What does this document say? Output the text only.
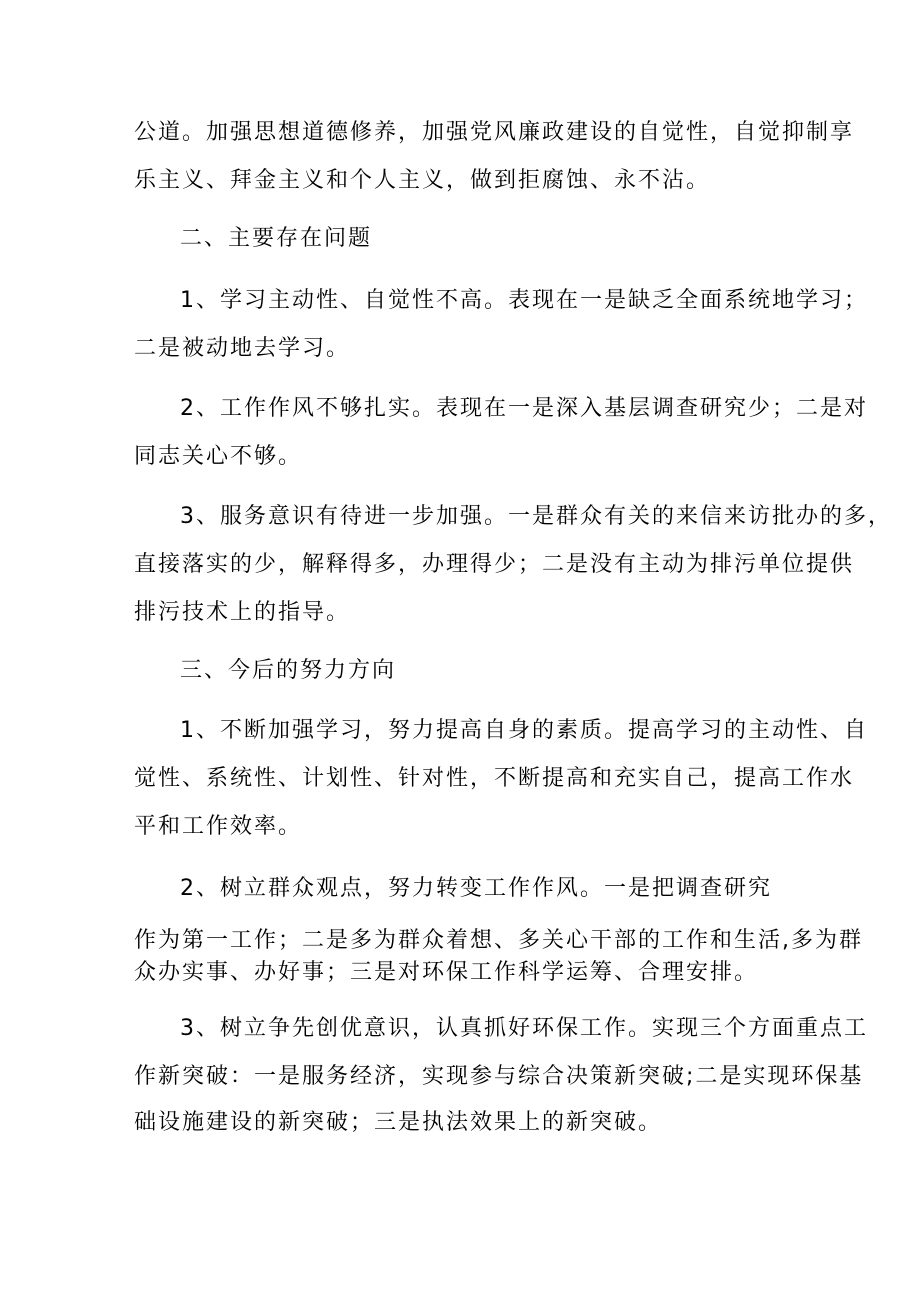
公道。加强思想道德修养，加强党风廉政建设的自觉性，自觉抑制享

乐主义、拜金主义和个人主义，做到拒腐蚀、永不沾。

二、主要存在问题

1、学习主动性、自觉性不高。表现在一是缺乏全面系统地学习；

二是被动地去学习。

2、工作作风不够扎实。表现在一是深入基层调查研究少；二是对

同志关心不够。

3、服务意识有待进一步加强。一是群众有关的来信来访批办的多，

直接落实的少，解释得多，办理得少；二是没有主动为排污单位提供

排污技术上的指导。

三、今后的努力方向

1、不断加强学习，努力提高自身的素质。提高学习的主动性、自

觉性、系统性、计划性、针对性，不断提高和充实自己，提高工作水

平和工作效率。

2、树立群众观点，努力转变工作作风。一是把调查研究

作为第一工作；二是多为群众着想、多关心干部的工作和生活,多为群

众办实事、办好事；三是对环保工作科学运筹、合理安排。

3、树立争先创优意识，认真抓好环保工作。实现三个方面重点工

作新突破：一是服务经济，实现参与综合决策新突破;二是实现环保基

础设施建设的新突破；三是执法效果上的新突破。
